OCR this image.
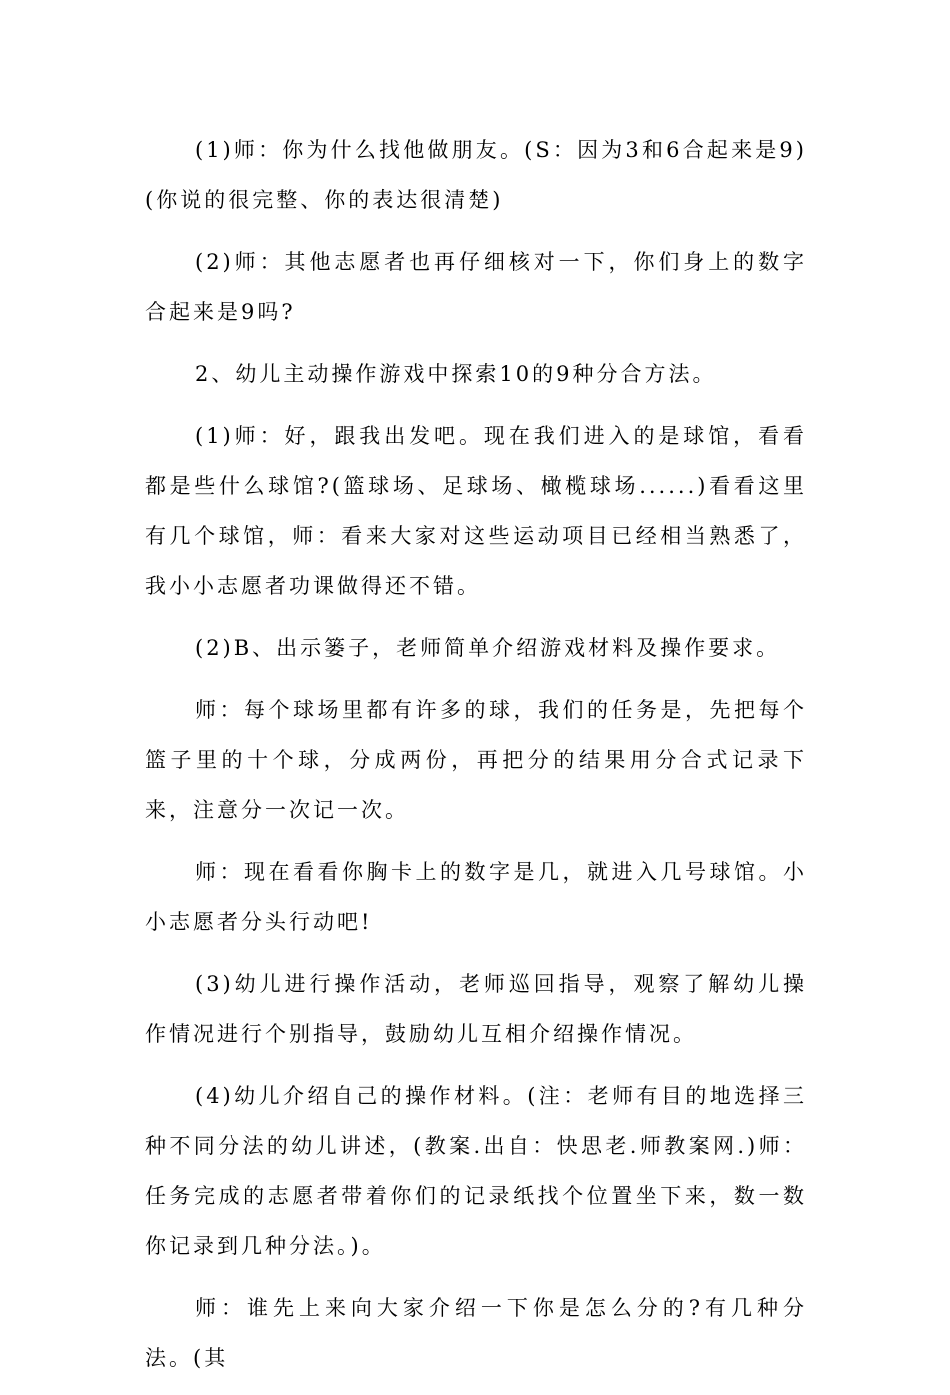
(1)师：你为什么找他做朋友。(S：因为3和6合起来是9)(你说的很完整、你的表达很清楚)

(2)师：其他志愿者也再仔细核对一下，你们身上的数字合起来是9吗?

2、幼儿主动操作游戏中探索10的9种分合方法。

(1)师：好，跟我出发吧。现在我们进入的是球馆，看看都是些什么球馆?(篮球场、足球场、橄榄球场......)看看这里有几个球馆，师：看来大家对这些运动项目已经相当熟悉了，我小小志愿者功课做得还不错。

(2)B、出示篓子，老师简单介绍游戏材料及操作要求。

师：每个球场里都有许多的球，我们的任务是，先把每个篮子里的十个球，分成两份，再把分的结果用分合式记录下来，注意分一次记一次。

师：现在看看你胸卡上的数字是几，就进入几号球馆。小小志愿者分头行动吧!

(3)幼儿进行操作活动，老师巡回指导，观察了解幼儿操作情况进行个别指导，鼓励幼儿互相介绍操作情况。

(4)幼儿介绍自己的操作材料。(注：老师有目的地选择三种不同分法的幼儿讲述，(教案.出自：快思老.师教案网.)师：任务完成的志愿者带着你们的记录纸找个位置坐下来，数一数你记录到几种分法。)。

师：谁先上来向大家介绍一下你是怎么分的?有几种分法。(其
